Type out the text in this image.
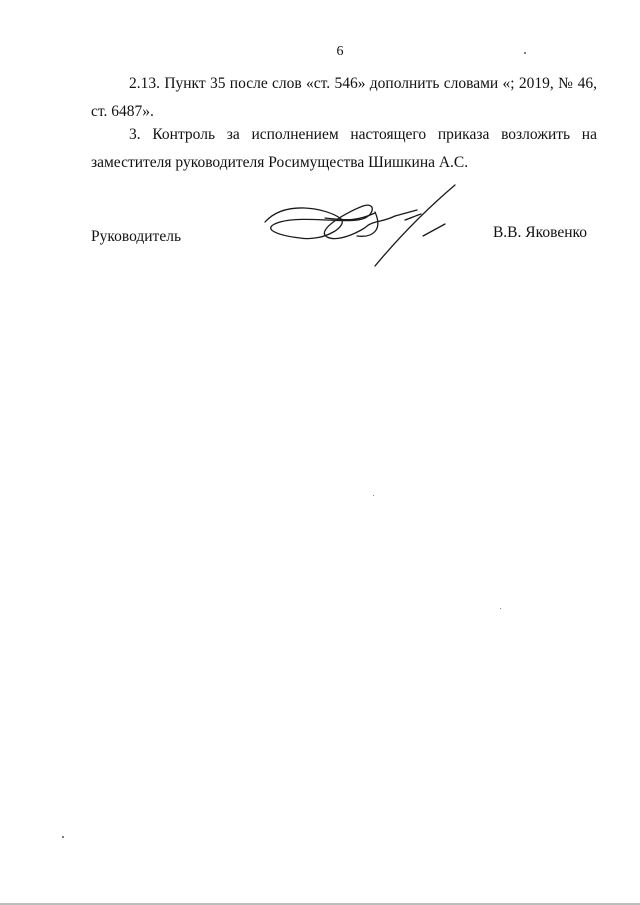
6

2.13. Пункт 35 после слов «ст. 546» дополнить словами «; 2019, № 46, ст. 6487».

3. Контроль за исполнением настоящего приказа возложить на заместителя руководителя Росимущества Шишкина А.С.

Руководитель	В.В. Яковенко
